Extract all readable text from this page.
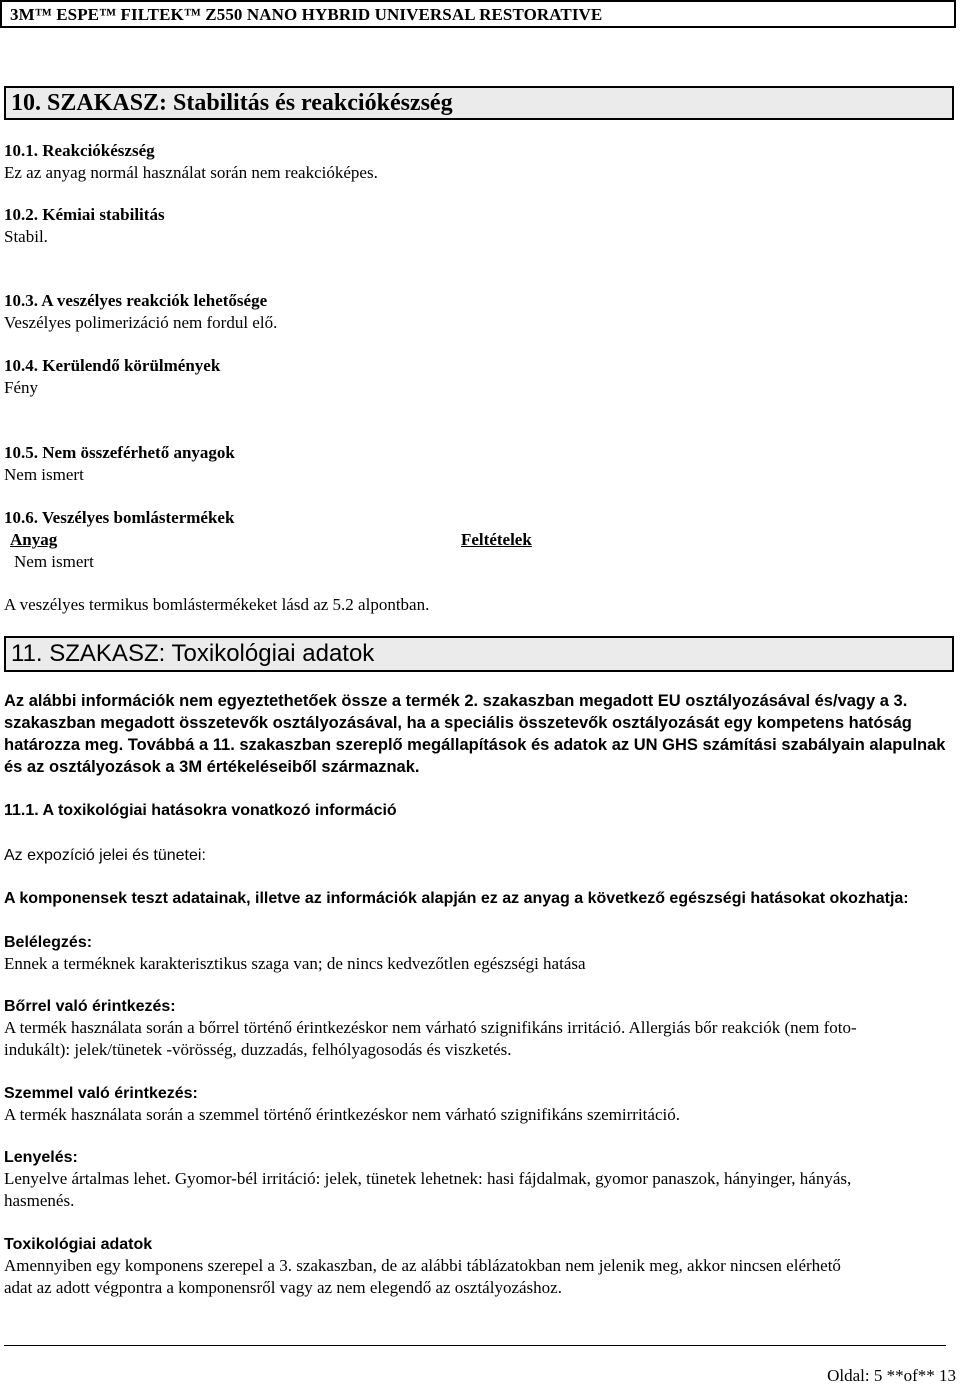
3M™ ESPE™ FILTEK™ Z550 NANO HYBRID UNIVERSAL RESTORATIVE
10. SZAKASZ: Stabilitás és reakciókészség
10.1. Reakciókészség
Ez az anyag normál használat során nem reakcióképes.
10.2. Kémiai stabilitás
Stabil.
10.3. A veszélyes reakciók lehetősége
Veszélyes polimerizáció nem fordul elő.
10.4. Kerülendő körülmények
Fény
10.5. Nem összeférhető anyagok
Nem ismert
10.6. Veszélyes bomlástermékek
Anyag	Feltételek
Nem ismert
A veszélyes termikus bomlástermékeket lásd az 5.2 alpontban.
11. SZAKASZ: Toxikológiai adatok
Az alábbi információk nem egyeztethetőek össze a termék 2. szakaszban megadott EU osztályozásával és/vagy a 3. szakaszban megadott összetevők osztályozásával, ha a speciális összetevők osztályozását egy kompetens hatóság határozza meg. Továbbá a 11. szakaszban szereplő megállapítások és adatok az UN GHS számítási szabályain alapulnak és az osztályozások a 3M értékeléseiből származnak.
11.1. A toxikológiai hatásokra vonatkozó információ
Az expozíció jelei és tünetei:
A komponensek teszt adatainak, illetve az információk alapján ez az anyag a következő egészségi hatásokat okozhatja:
Belélegzés:
Ennek a terméknek karakterisztikus szaga van; de nincs kedvezőtlen egészségi hatása
Bőrrel való érintkezés:
A termék használata során a bőrrel történő érintkezéskor nem várható szignifikáns irritáció. Allergiás bőr reakciók (nem foto-
indukált): jelek/tünetek -vörösség, duzzadás, felhólyagosodás és viszketés.
Szemmel való érintkezés:
A termék használata során a szemmel történő érintkezéskor nem várható szignifikáns szemirritáció.
Lenyelés:
Lenyelve ártalmas lehet. Gyomor-bél irritáció: jelek, tünetek lehetnek: hasi fájdalmak, gyomor panaszok, hányinger, hányás,
hasmenés.
Toxikológiai adatok
Amennyiben egy komponens szerepel a 3. szakaszban, de az alábbi táblázatokban nem jelenik meg, akkor nincsen elérhető
adat az adott végpontra a komponensről vagy az nem elegendő az osztályozáshoz.
Oldal: 5 **of** 13
